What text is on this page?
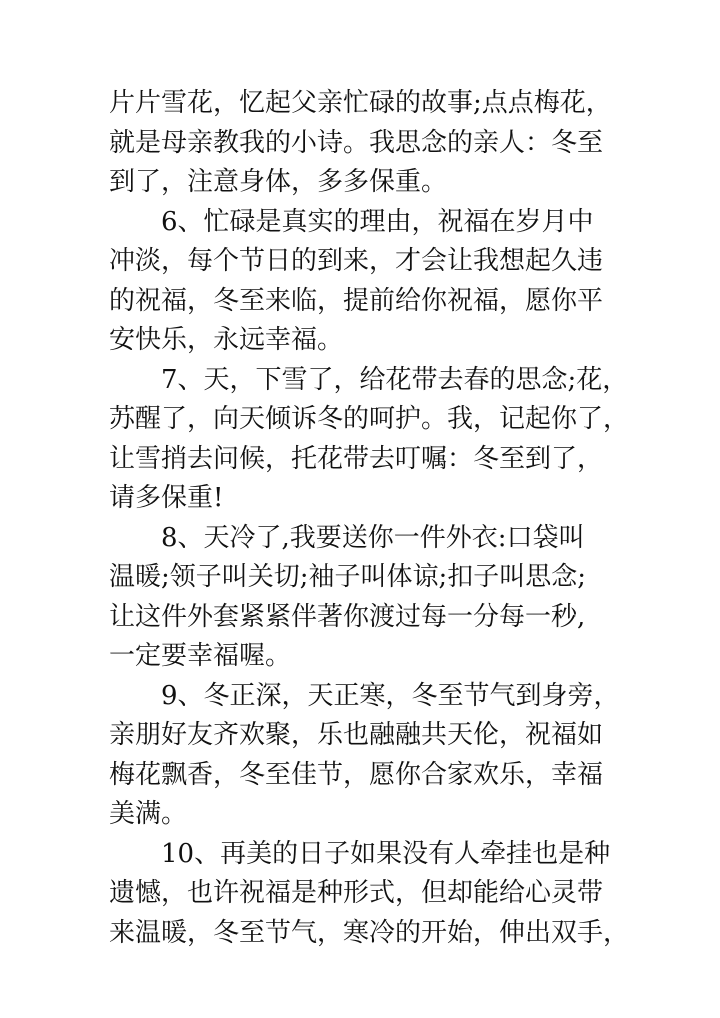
片片雪花，忆起父亲忙碌的故事;点点梅花，
就是母亲教我的小诗。我思念的亲人：冬至
到了，注意身体，多多保重。
6、忙碌是真实的理由，祝福在岁月中
冲淡，每个节日的到来，才会让我想起久违
的祝福，冬至来临，提前给你祝福，愿你平
安快乐，永远幸福。
7、天，下雪了，给花带去春的思念;花，
苏醒了，向天倾诉冬的呵护。我，记起你了，
让雪捎去问候，托花带去叮嘱：冬至到了，
请多保重!
8、天冷了,我要送你一件外衣:口袋叫
温暖;领子叫关切;袖子叫体谅;扣子叫思念;
让这件外套紧紧伴著你渡过每一分每一秒,
一定要幸福喔。
9、冬正深，天正寒，冬至节气到身旁，
亲朋好友齐欢聚，乐也融融共天伦，祝福如
梅花飘香，冬至佳节，愿你合家欢乐，幸福
美满。
10、再美的日子如果没有人牵挂也是种
遗憾，也许祝福是种形式，但却能给心灵带
来温暖，冬至节气，寒冷的开始，伸出双手，
